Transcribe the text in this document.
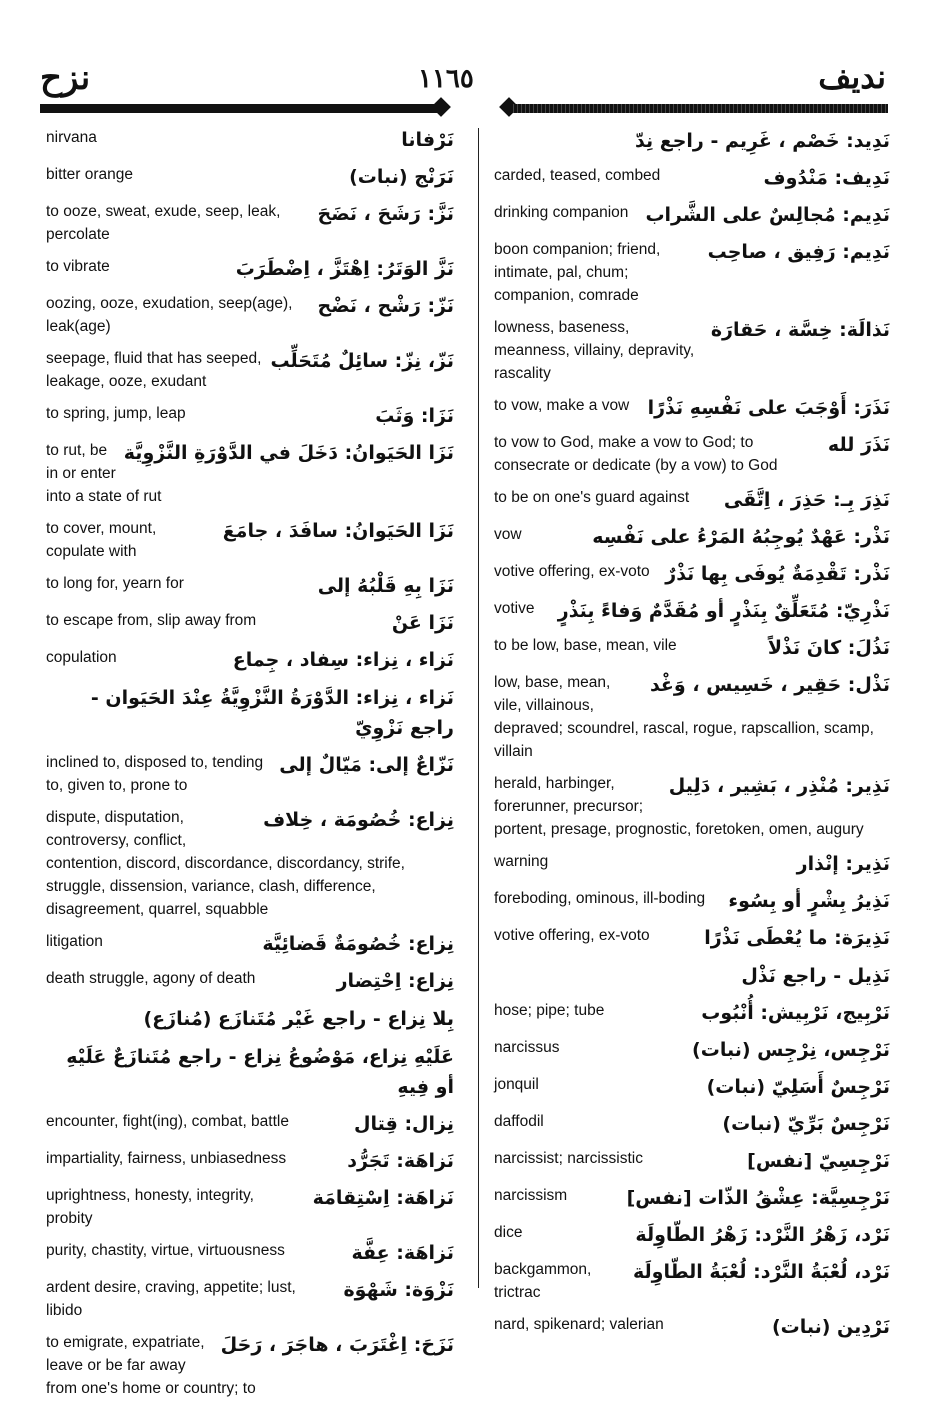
نزح	١١٦٥	نديف
نَرْفانا
nirvana
نَرَنْج (نبات)
bitter orange
نَزَّ: رَشَحَ ، نَضَحَ
to ooze, sweat, exude, seep, leak, percolate
نَزَّ الوَتَرُ: اِهْتَزَّ ، اِضْطَرَبَ
to vibrate
نَزّ: رَشْح ، نَضْح
oozing, ooze, exudation, seep(age), leak(age)
نَزّ، نِزّ: سائِلٌ مُتَحَلِّب
seepage, fluid that has seeped, leakage, ooze, exudant
نَزَا: وَثَبَ
to spring, jump, leap
نَزَا الحَيَوانُ: دَخَلَ في الدَّوْرَةِ النَّزْوِيَّة
to rut, be in or enter into a state of rut
نَزَا الحَيَوانُ: سافَدَ ، جامَعَ
to cover, mount, copulate with
نَزَا بِهِ قَلْبُهُ إلى
to long for, yearn for
نَزَا عَنْ
to escape from, slip away from
نَزاء ، نِزاء: سِفاد ، جِماع
copulation
نَزاء ، نِزاء: الدَّوْرَةُ النَّزْوِيَّةُ عِنْدَ الحَيَوان - راجع نَزْوِيّ
نَزّاعٌ إلى: مَيّالٌ إلى
inclined to, disposed to, tending to, given to, prone to
نِزاع: خُصُومَة ، خِلاف
dispute, disputation, controversy, conflict, contention, discord, discordance, discordancy, strife, struggle, dissension, variance, clash, difference, disagreement, quarrel, squabble
نِزاع: خُصُومَةٌ قَضائِيَّة
litigation
نِزاع: اِحْتِضار
death struggle, agony of death
بِلا نِزاع - راجع غَيْر مُتَنازَع (مُنازَع)
عَلَيْهِ نِزاع، مَوْضُوعُ نِزاع - راجع مُتَنازَعٌ عَلَيْهِ أو فِيهِ
نِزال: قِتال
encounter, fight(ing), combat, battle
نَزاهَة: تَجَرُّد
impartiality, fairness, unbiasedness
نَزاهَة: اِسْتِقامَة
uprightness, honesty, integrity, probity
نَزاهَة: عِفَّة
purity, chastity, virtue, virtuousness
نَزْوَة: شَهْوَة
ardent desire, craving, appetite; lust, libido
نَزَحَ: اِغْتَرَبَ ، هاجَرَ ، رَحَلَ
to emigrate, expatriate, leave or be far away from one's home or country; to
نَدِيد: خَصْم ، غَرِيم - راجع نِدّ
نَدِيف: مَنْدُوف
carded, teased, combed
نَدِيم: مُجالِسٌ على الشَّراب
drinking companion
نَدِيم: رَفِيق ، صاحِب
boon companion; friend, intimate, pal, chum; companion, comrade
نَذالَة: خِسَّة ، حَقارَة
lowness, baseness, meanness, villainy, depravity, rascality
نَذَرَ: أَوْجَبَ على نَفْسِهِ نَذْرًا
to vow, make a vow
نَذَرَ لله
to vow to God, make a vow to God; to consecrate or dedicate (by a vow) to God
نَذِرَ بِـ: حَذِرَ ، اِتَّقَى
to be on one's guard against
نَذْر: عَهْدٌ يُوجِبُهُ المَرْءُ على نَفْسِه
vow
نَذْر: تَقْدِمَةٌ يُوفَى بِها نَذْرٌ
votive offering, ex-voto
نَذْرِيّ: مُتَعَلِّقٌ بِنَذْرٍ أو مُقَدَّمٌ وَفاءً بِنَذْرٍ
votive
نَذُلَ: كانَ نَذْلاً
to be low, base, mean, vile
نَذْل: حَقِير ، خَسِيس ، وَغْد
low, base, mean, vile, villainous, depraved; scoundrel, rascal, rogue, rapscallion, scamp, villain
نَذِير: مُنْذِر ، بَشِير ، دَلِيل
herald, harbinger, forerunner, precursor; portent, presage, prognostic, foretoken, omen, augury
نَذِير: إنْذار
warning
نَذِيرُ بِشْرٍ أو بِسُوء
foreboding, ominous, ill-boding
نَذِيرَة: ما يُعْطَى نَذْرًا
votive offering, ex-voto
نَذِيل - راجع نَذْل
نَرْبِيج، نَرْبِيش: أُنْبُوب
hose; pipe; tube
نَرْجِس، نِرْجِس (نبات)
narcissus
نَرْجِسٌ أَسَلِيّ (نبات)
jonquil
نَرْجِسٌ بَرِّيّ (نبات)
daffodil
نَرْجِسِيّ [نفس]
narcissist; narcissistic
نَرْجِسِيَّة: عِشْقُ الذّات [نفس]
narcissism
نَرْد، زَهْرُ النَّرْد: زَهْرُ الطّاوِلَة
dice
نَرْد، لُعْبَةُ النَّرْد: لُعْبَةُ الطّاوِلَة
backgammon, trictrac
نَرْدِين (نبات)
nard, spikenard; valerian
